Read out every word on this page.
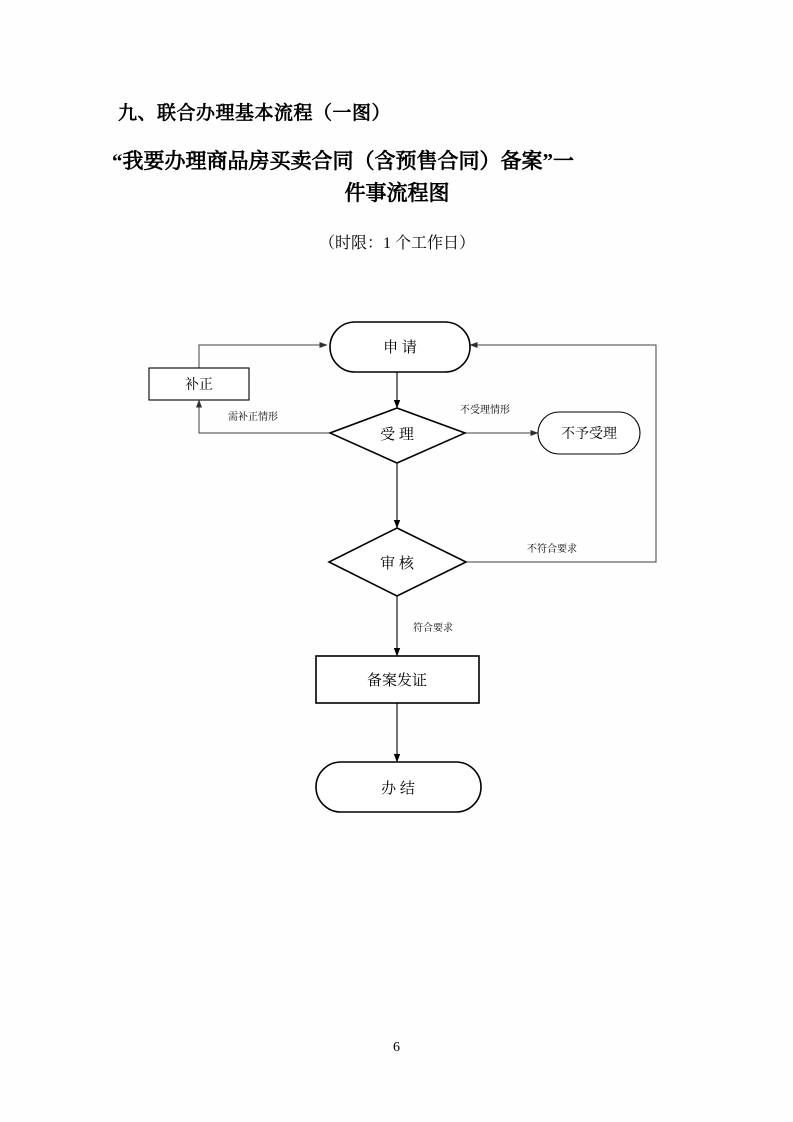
九、联合办理基本流程（一图）
“我要办理商品房买卖合同（含预售合同）备案”一
件事流程图
（时限：1 个工作日）
申 请
补正
受 理	不予受理
审 核
备案发证
办 结
需补正情形
不受理情形
不符合要求
符合要求
6
